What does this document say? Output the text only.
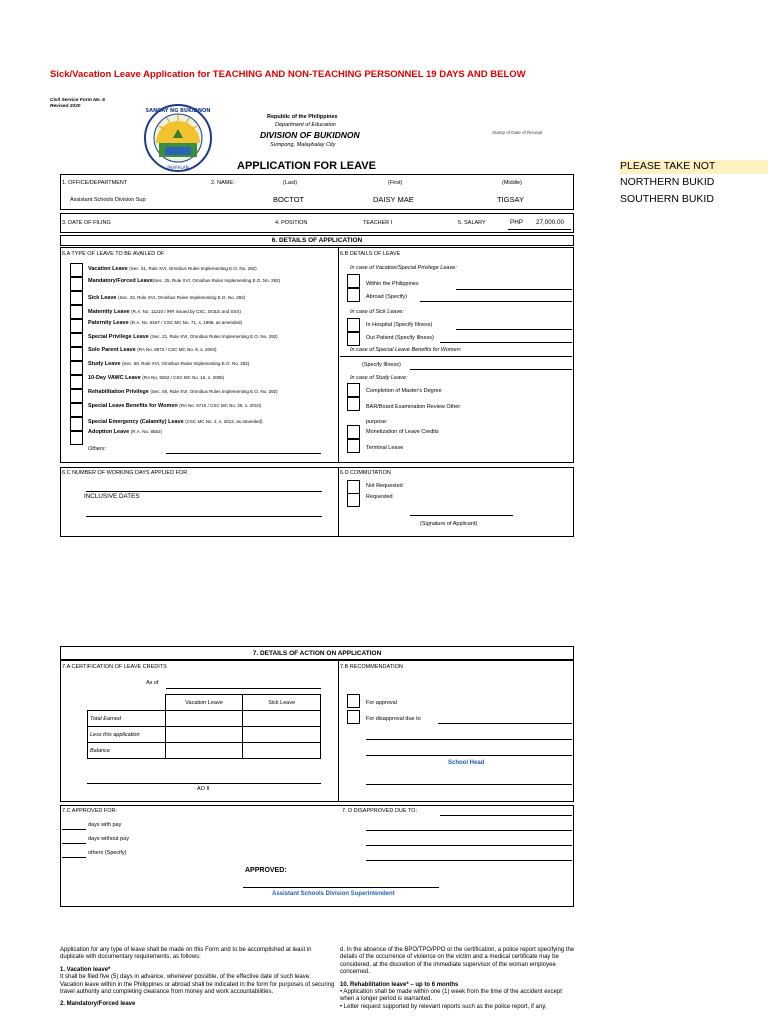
Sick/Vacation Leave Application for TEACHING AND NON-TEACHING PERSONNEL 19 DAYS AND BELOW
Civil Service Form No. 6
Revised 2020
SANGAY NG BUKIDNON
PAARALAN
Republic of the Philippines
Department of Education
DIVISION OF BUKIDNON
Sumpong, Malaybalay City
Stamp of Date of Receipt
APPLICATION FOR LEAVE	PLEASE TAKE NOT
NORTHERN BUKID
SOUTHERN BUKID
1. OFFICE/DEPARTMENT
Assistant Schools Division Sup
2. NAME:	(Last)	(First)	(Middle)
BOCTOT	DAISY MAE	TIGSAY
3. DATE OF FILING	4. POSITION	TEACHER I	5. SALARY	PHP 27,000.00
6. DETAILS OF APPLICATION
6.A TYPE OF LEAVE TO BE AVAILED OF
Vacation Leave (Sec. 51, Rule XVI, Omnibus Rules Implementing E.O. No. 292)
Mandatory/Forced Leave(Sec. 25, Rule XVI, Omnibus Rules Implementing E.O. No. 292)
Sick Leave (Sec. 43, Rule XVI, Omnibus Rules Implementing E.O. No. 292)
Maternity Leave (R.A. No. 11210 / IRR issued by CSC, DOLE and SSS)
Paternity Leave (R.A. No. 8187 / CSC MC No. 71, s. 1998, as amended)
Special Privilege Leave (Sec. 21, Rule XVI, Omnibus Rules Implementing E.O. No. 292)
Solo Parent Leave (RA No. 8972 / CSC MC No. 8, s. 2004)
Study Leave (Sec. 68, Rule XVI, Omnibus Rules Implementing E.O. No. 292)
10-Day VAWC Leave (RA No. 9262 / CSC MC No. 15, s. 2005)
Rehabilitation Privilege (Sec. 55, Rule XVI, Omnibus Rules Implementing E.O. No. 292)
Special Leave Benefits for Women (RA No. 9710 / CSC MC No. 25, s. 2010)
Special Emergency (Calamity) Leave (CSC MC No. 2, s. 2012, as amended)
Adoption Leave (R.A. No. 8552)
Others:
6.B DETAILS OF LEAVE
In case of Vacation/Special Privilege Leave:
Within the Philippines
Abroad (Specify)
In case of Sick Leave:
In Hospital (Specify Illness)
Out Patient (Specify Illness)
In case of Special Leave Benefits for Women:
(Specify Illness)
In case of Study Leave:
Completion of Master's Degree
BAR/Board Examination Review Other
purpose:
Monetization of Leave Credits
Terminal Leave
6.C NUMBER OF WORKING DAYS APPLIED FOR
INCLUSIVE DATES
6.D COMMUTATION
Not Requested
Requested
(Signature of Applicant)
7. DETAILS OF ACTION ON APPLICATION
7.A CERTIFICATION OF LEAVE CREDITS
As of
	Vacation Leave	Sick Leave
Total Earned		
Less this application		
Balance		
AO II
7.B RECOMMENDATION
For approval
For disapproval due to
School Head
7.C APPROVED FOR:
days with pay
days without pay
others (Specify)
APPROVED:
Assistant Schools Division Superintendent
7. D DISAPPROVED DUE TO:
Application for any type of leave shall be made on this Form and to be accomplished at least in duplicate with documentary requirements, as follows:
1. Vacation leave*
It shall be filed five (5) days in advance, whenever possible, of the effective date of such leave. Vacation leave within in the Philippines or abroad shall be indicated in the form for purposes of securing travel authority and completing clearance from money and work accountabilities.
2. Mandatory/Forced leave
d. In the absence of the BPO/TPO/PPO or the certification, a police report specifying the details of the occurrence of violence on the victim and a medical certificate may be considered, at the discretion of the immediate supervisor of the woman employee concerned.
10. Rehabilitation leave* – up to 6 months
• Application shall be made within one (1) week from the time of the accident except when a longer period is warranted.
• Letter request supported by relevant reports such as the police report, if any,
